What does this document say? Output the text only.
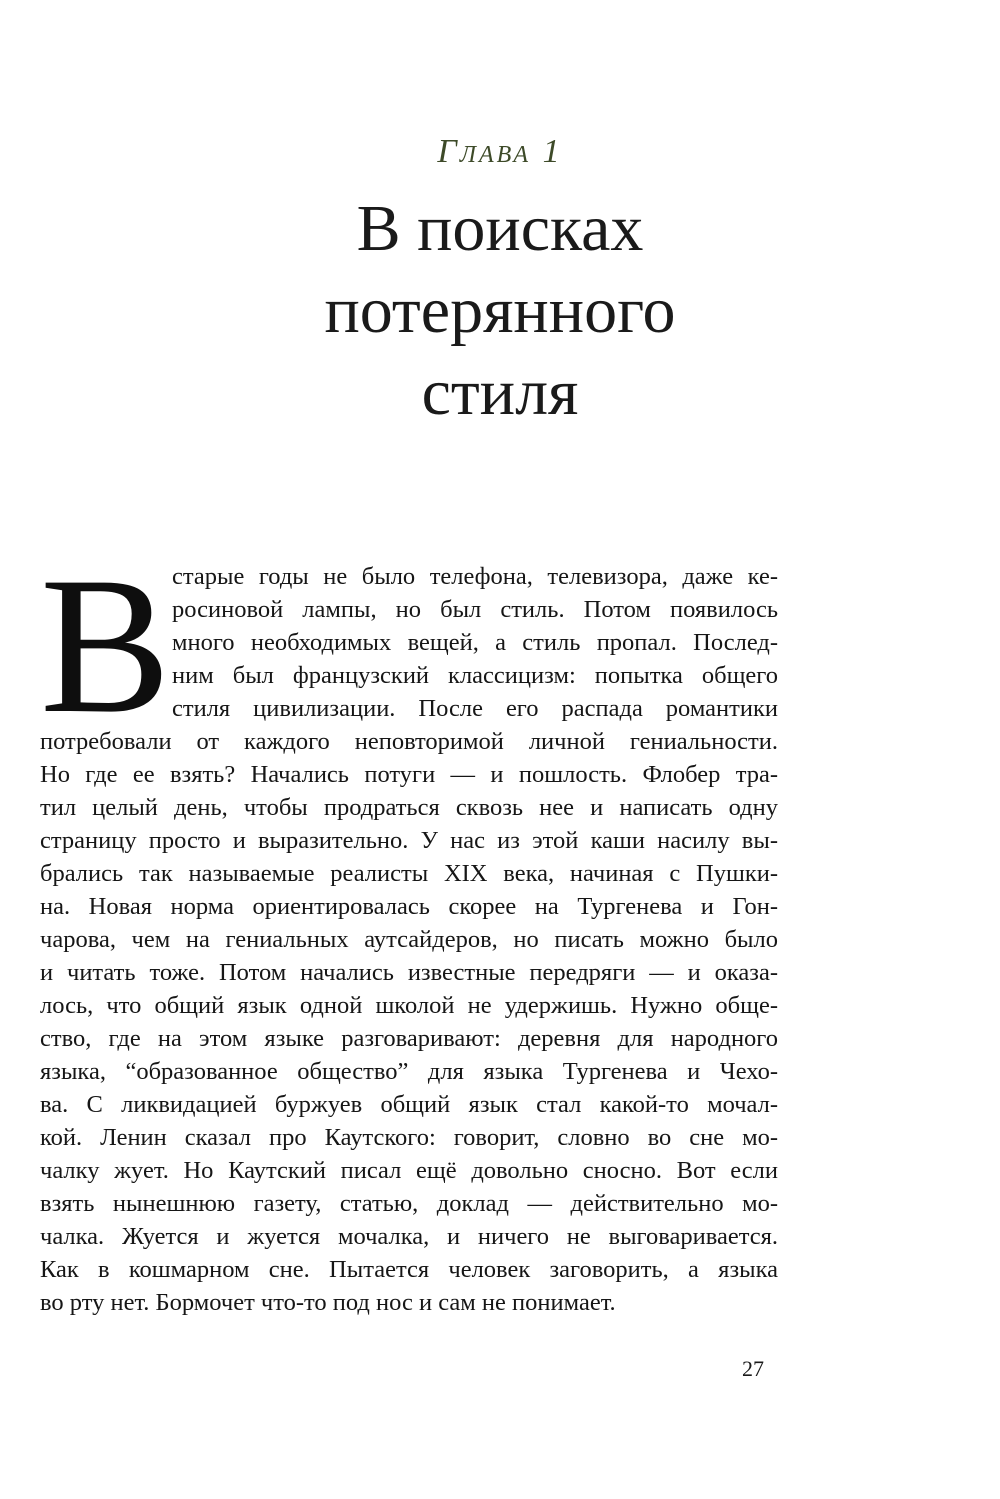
Глава 1
В поисках
потерянного
стиля
В старые годы не было телефона, телевизора, даже ке-
росиновой лампы, но был стиль. Потом появилось
много необходимых вещей, а стиль пропал. Послед-
ним был французский классицизм: попытка общего
стиля цивилизации. После его распада романтики
потребовали от каждого неповторимой личной гениальности.
Но где ее взять? Начались потуги — и пошлость. Флобер тра-
тил целый день, чтобы продраться сквозь нее и написать одну
страницу просто и выразительно. У нас из этой каши насилу вы-
брались так называемые реалисты XIX века, начиная с Пушки-
на. Новая норма ориентировалась скорее на Тургенева и Гон-
чарова, чем на гениальных аутсайдеров, но писать можно было
и читать тоже. Потом начались известные передряги — и оказа-
лось, что общий язык одной школой не удержишь. Нужно обще-
ство, где на этом языке разговаривают: деревня для народного
языка, “образованное общество” для языка Тургенева и Чехо-
ва. С ликвидацией буржуев общий язык стал какой-то мочал-
кой. Ленин сказал про Каутского: говорит, словно во сне мо-
чалку жует. Но Каутский писал ещё довольно сносно. Вот если
взять нынешнюю газету, статью, доклад — действительно мо-
чалка. Жуется и жуется мочалка, и ничего не выговаривается.
Как в кошмарном сне. Пытается человек заговорить, а языка
во рту нет. Бормочет что-то под нос и сам не понимает.
27
